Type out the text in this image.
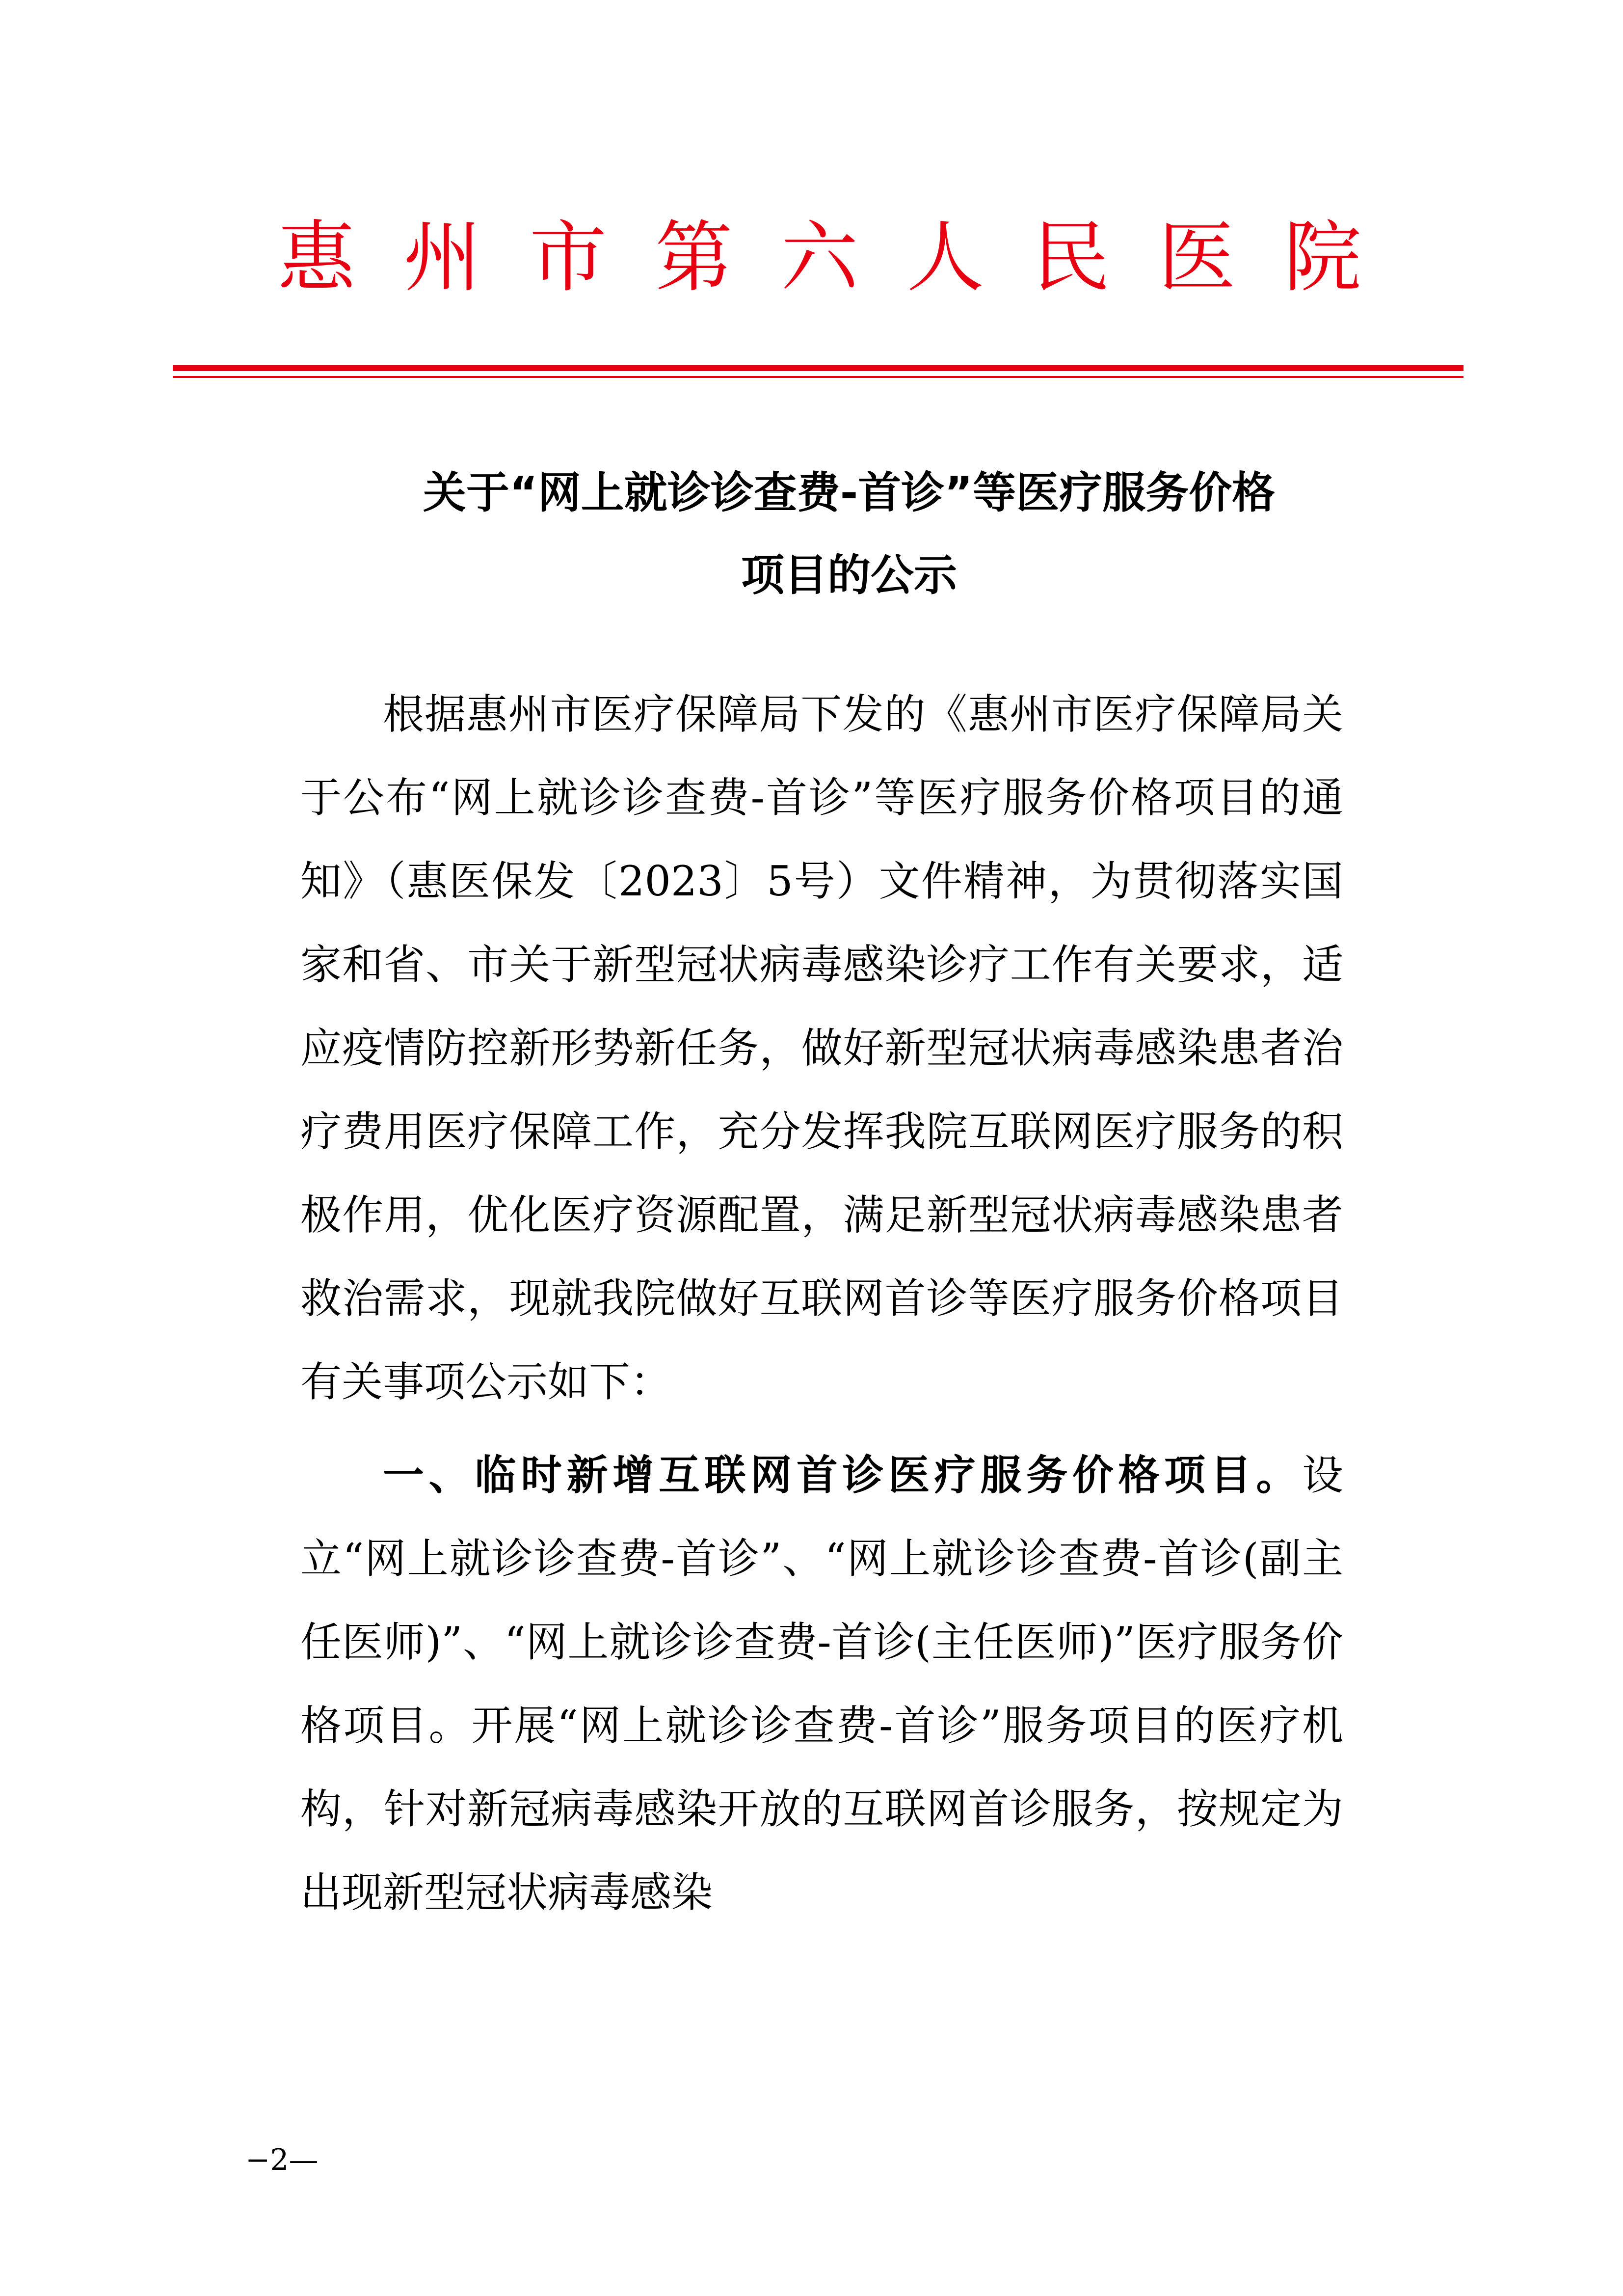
惠 州 市 第 六 人 民 医 院
关于“网上就诊诊查费-首诊”等医疗服务价格
项目的公示

根据惠州市医疗保障局下发的《惠州市医疗保障局关于公布“网上就诊诊查费-首诊”等医疗服务价格项目的通知》（惠医保发〔2023〕5号）文件精神，为贯彻落实国家和省、市关于新型冠状病毒感染诊疗工作有关要求，适应疫情防控新形势新任务，做好新型冠状病毒感染患者治疗费用医疗保障工作，充分发挥我院互联网医疗服务的积极作用，优化医疗资源配置，满足新型冠状病毒感染患者救治需求，现就我院做好互联网首诊等医疗服务价格项目有关事项公示如下：

一、临时新增互联网首诊医疗服务价格项目。设立“网上就诊诊查费-首诊”、“网上就诊诊查费-首诊(副主任医师)”、“网上就诊诊查费-首诊(主任医师)”医疗服务价格项目。开展“网上就诊诊查费-首诊”服务项目的医疗机构，针对新冠病毒感染开放的互联网首诊服务，按规定为出现新型冠状病毒感染

−2—
